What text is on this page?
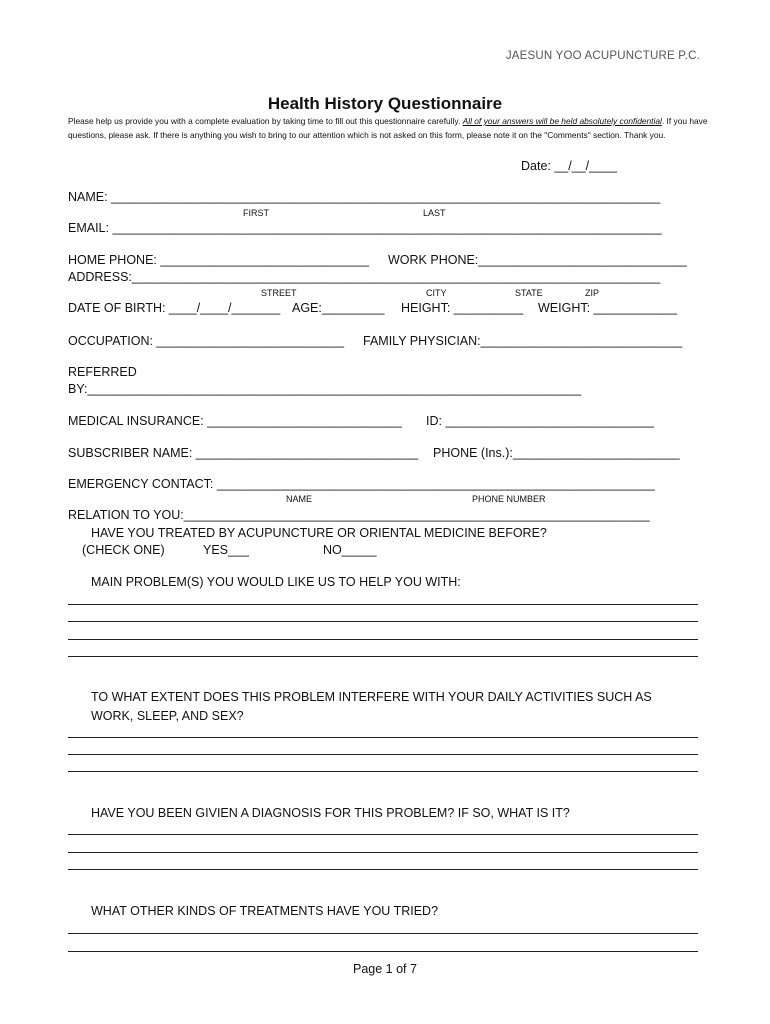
JAESUN YOO ACUPUNCTURE P.C.
Health History Questionnaire
Please help us provide you with a complete evaluation by taking time to fill out this questionnaire carefully. All of your answers will be held absolutely confidential. If you have questions, please ask. If there is anything you wish to bring to our attention which is not asked on this form, please note it on the "Comments" section. Thank you.
Date: __/__/____
NAME: _______________________________________________________________________________
FIRST	LAST
EMAIL: _______________________________________________________________________________
HOME PHONE: ______________________________ WORK PHONE:______________________________
ADDRESS:____________________________________________________________________________
STREET	CITY	STATE	ZIP
DATE OF BIRTH: ____/____/_______ AGE:_________ HEIGHT: __________ WEIGHT: ____________
OCCUPATION: ___________________________ FAMILY PHYSICIAN:_____________________________
REFERRED
BY:_______________________________________________________________________
MEDICAL INSURANCE: ____________________________ ID: ______________________________
SUBSCRIBER NAME: ________________________________ PHONE (Ins.):________________________
EMERGENCY CONTACT: _______________________________________________________________
NAME	PHONE NUMBER
RELATION TO YOU:___________________________________________________________________
HAVE YOU TREATED BY ACUPUNCTURE OR ORIENTAL MEDICINE BEFORE?
(CHECK ONE)	YES___	NO_____
MAIN PROBLEM(S) YOU WOULD LIKE US TO HELP YOU WITH:
TO WHAT EXTENT DOES THIS PROBLEM INTERFERE WITH YOUR DAILY ACTIVITIES SUCH AS
WORK, SLEEP, AND SEX?
HAVE YOU BEEN GIVIEN A DIAGNOSIS FOR THIS PROBLEM? IF SO, WHAT IS IT?
WHAT OTHER KINDS OF TREATMENTS HAVE YOU TRIED?
Page 1 of 7
